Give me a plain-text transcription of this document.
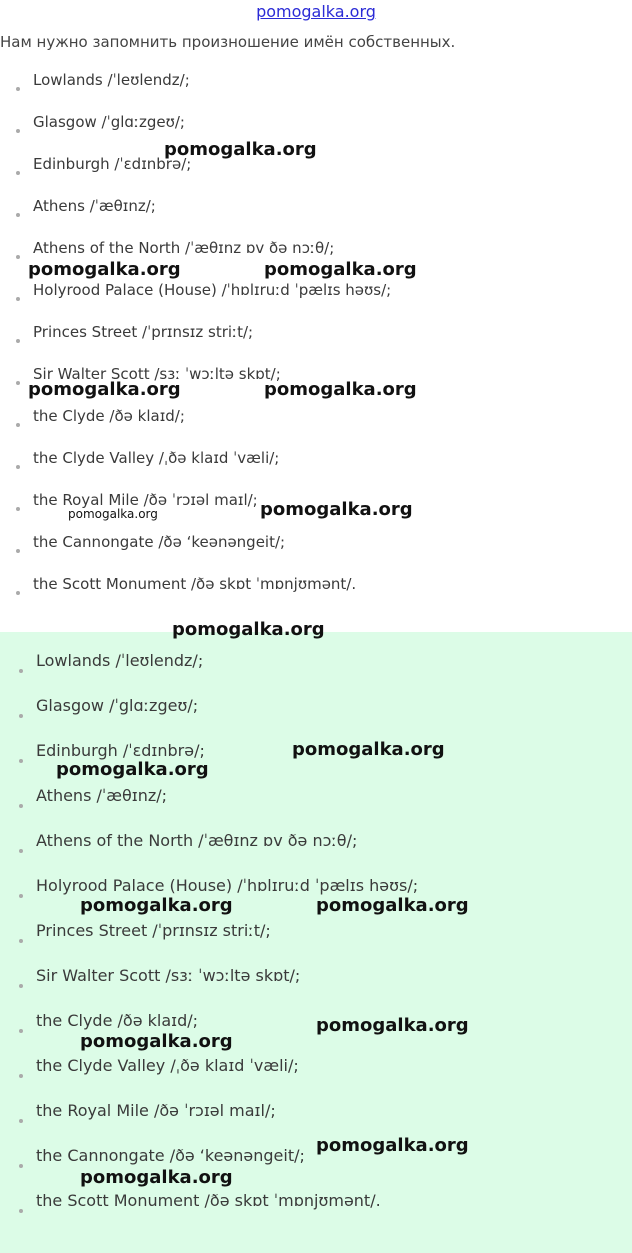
pomogalka.org
Нам нужно запомнить произношение имён собственных.
Lowlands /ˈleʊlendz/;
Glasgow /ˈglɑːzgeʊ/;
Edinburgh /ˈɛdɪnbrə/;
Athens /ˈæθɪnz/;
Athens of the North /ˈæθɪnz ɒv ðə nɔːθ/;
Holyrood Palace (House) /ˈhɒlɪruːd ˈpælɪs həʊs/;
Princes Street /ˈprɪnsɪz striːt/;
Sir Walter Scott /sɜː ˈwɔːltə skɒt/;
the Clyde /ðə klaɪd/;
the Clyde Valley /ˌðə klaɪd ˈvæli/;
the Royal Mile /ðə ˈrɔɪəl maɪl/;
the Cannongate /ðə ‘keənəngeit/;
the Scott Monument /ðə skɒt ˈmɒnjʊmənt/.
Lowlands /ˈleʊlendz/;
Glasgow /ˈglɑːzgeʊ/;
Edinburgh /ˈɛdɪnbrə/;
Athens /ˈæθɪnz/;
Athens of the North /ˈæθɪnz ɒv ðə nɔːθ/;
Holyrood Palace (House) /ˈhɒlɪruːd ˈpælɪs həʊs/;
Princes Street /ˈprɪnsɪz striːt/;
Sir Walter Scott /sɜː ˈwɔːltə skɒt/;
the Clyde /ðə klaɪd/;
the Clyde Valley /ˌðə klaɪd ˈvæli/;
the Royal Mile /ðə ˈrɔɪəl maɪl/;
the Cannongate /ðə ‘keənəngeit/;
the Scott Monument /ðə skɒt ˈmɒnjʊmənt/.
pomogalka.org
pomogalka.org	pomogalka.org
pomogalka.org	pomogalka.org
pomogalka.org	pomogalka.org
pomogalka.org
pomogalka.org
pomogalka.org
pomogalka.org	pomogalka.org
pomogalka.org
pomogalka.org
pomogalka.org
pomogalka.org
